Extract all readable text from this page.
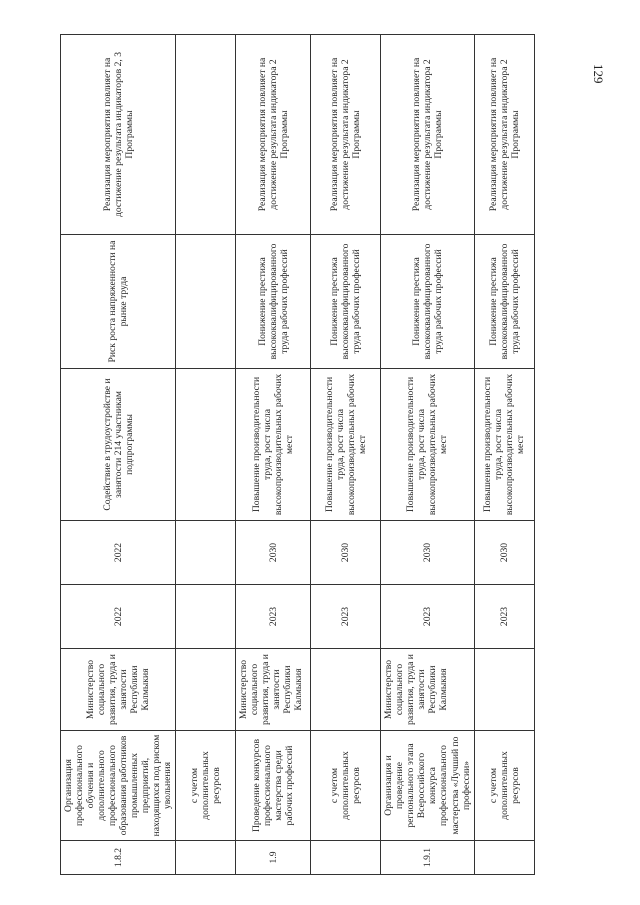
129
1.8.2	Организация профессионального обучения и дополнительного профессионального образования работников промышленных предприятий, находящихся под риском увольнения	Министерство социального развития, труда и занятости Республики Калмыкия	2022	2022	Содействие в трудоустройстве и занятости 214 участникам подпрограммы	Риск роста напряженности на рынке труда	Реализация мероприятия повлияет на достижение результата индикаторов 2, 3 Программы
	с учетом дополнительных ресурсов						
1.9	Проведение конкурсов профессионального мастерства среди рабочих профессий	Министерство социального развития, труда и занятости Республики Калмыкия	2023	2030	Повышение производительности труда, рост числа высокопроизводительных рабочих мест	Понижение престижа высококвалифицированного труда рабочих профессий	Реализация мероприятия повлияет на достижение результата индикатора 2 Программы
	с учетом дополнительных ресурсов		2023	2030	Повышение производительности труда, рост числа высокопроизводительных рабочих мест	Понижение престижа высококвалифицированного труда рабочих профессий	Реализация мероприятия повлияет на достижение результата индикатора 2 Программы
1.9.1	Организация и проведение регионального этапа Всероссийского конкурса профессионального мастерства «Лучший по профессии»	Министерство социального развития, труда и занятости Республики Калмыкия	2023	2030	Повышение производительности труда, рост числа высокопроизводительных рабочих мест	Понижение престижа высококвалифицированного труда рабочих профессий	Реализация мероприятия повлияет на достижение результата индикатора 2 Программы
	с учетом дополнительных ресурсов		2023	2030	Повышение производительности труда, рост числа высокопроизводительных рабочих мест	Понижение престижа высококвалифицированного труда рабочих профессий	Реализация мероприятия повлияет на достижение результата индикатора 2 Программы
